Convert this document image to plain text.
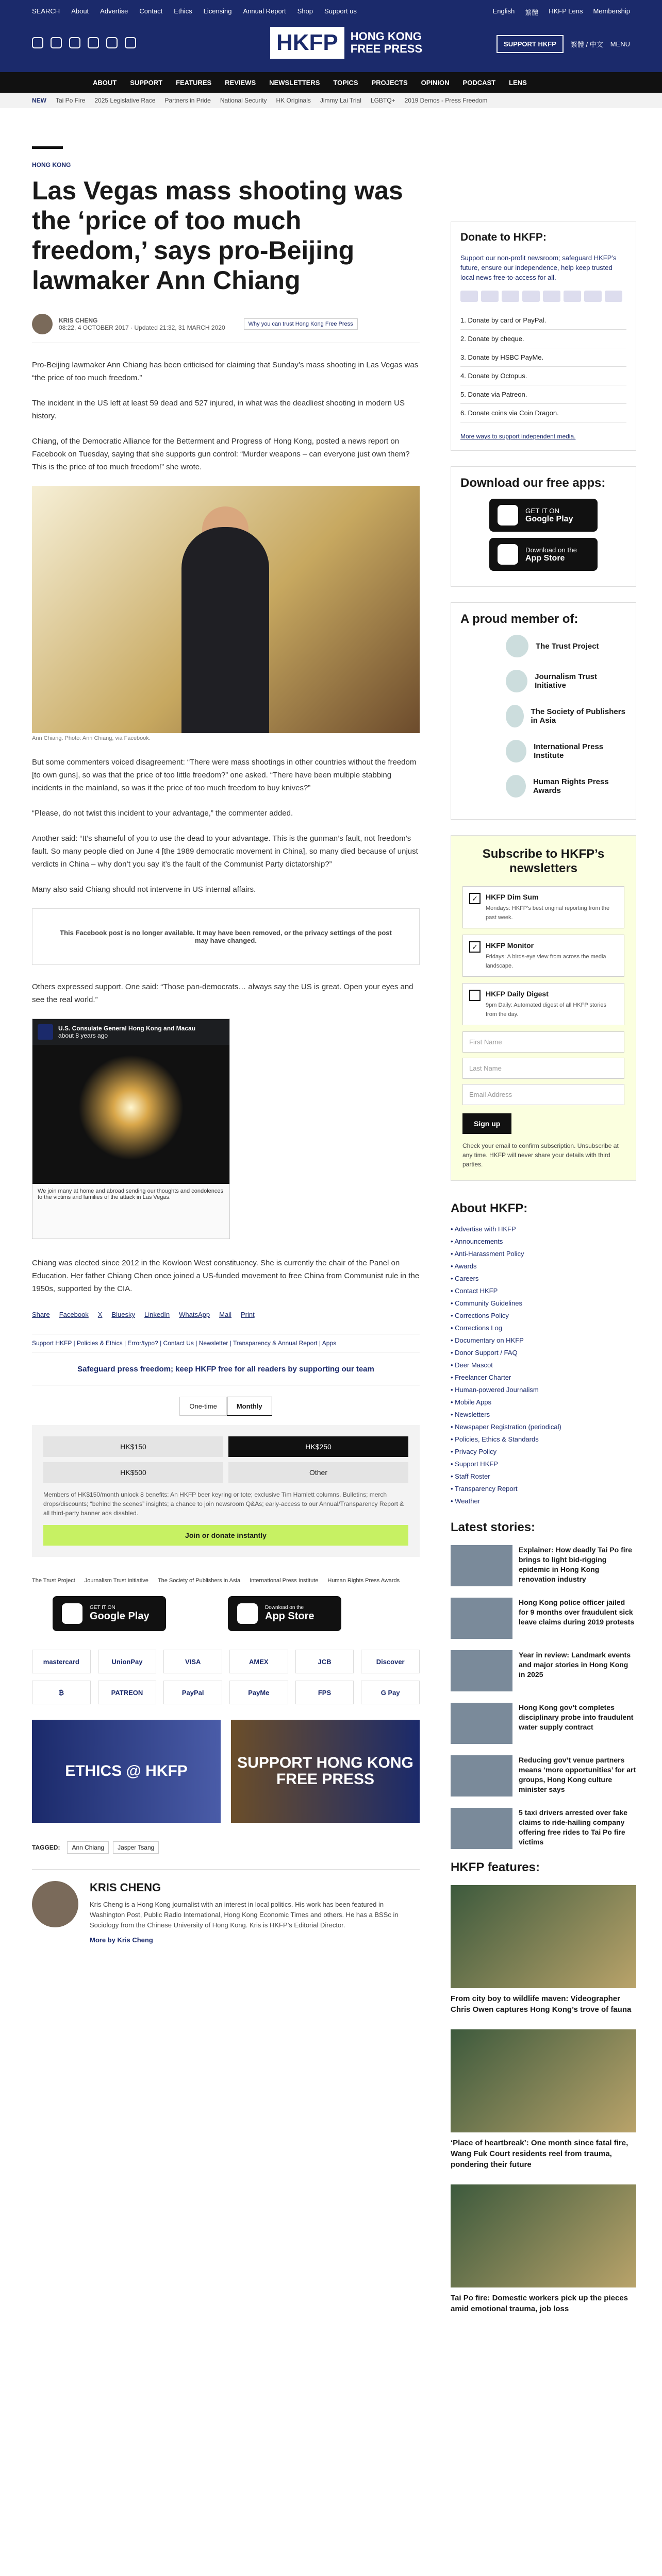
SEARCH About Advertise Contact Ethics Licensing Annual Report Shop Support us	English 繁體 HKFP Lens Membership
HKFP	HONG KONG
FREE PRESS	SUPPORT HKFP	繁體 / 中文 MENU
ABOUT SUPPORT FEATURES REVIEWS NEWSLETTERS TOPICS PROJECTS OPINION PODCAST LENS
NEW Tai Po Fire 2025 Legislative Race Partners in Pride National Security HK Originals Jimmy Lai Trial LGBTQ+ 2019 Demos - Press Freedom
HONG KONG
Las Vegas mass shooting was the ‘price of too much freedom,’ says pro-Beijing lawmaker Ann Chiang
KRIS CHENG
08:22, 4 OCTOBER 2017 · Updated 21:32, 31 MARCH 2020	Why you can trust Hong Kong Free Press

Pro-Beijing lawmaker Ann Chiang has been criticised for claiming that Sunday’s mass shooting in Las Vegas was “the price of too much freedom.”

The incident in the US left at least 59 dead and 527 injured, in what was the deadliest shooting in modern US history.

Chiang, of the Democratic Alliance for the Betterment and Progress of Hong Kong, posted a news report on Facebook on Tuesday, saying that she supports gun control: “Murder weapons – can everyone just own them? This is the price of too much freedom!” she wrote.

Ann Chiang. Photo: Ann Chiang, via Facebook.

But some commenters voiced disagreement: “There were mass shootings in other countries without the freedom [to own guns], so was that the price of too little freedom?” one asked. “There have been multiple stabbing incidents in the mainland, so was it the price of too much freedom to buy knives?”

“Please, do not twist this incident to your advantage,” the commenter added.

Another said: “It’s shameful of you to use the dead to your advantage. This is the gunman’s fault, not freedom’s fault. So many people died on June 4 [the 1989 democratic movement in China], so many died because of unjust verdicts in China – why don’t you say it’s the fault of the Communist Party dictatorship?”

Many also said Chiang should not intervene in US internal affairs.

This Facebook post is no longer available. It may have been removed, or the privacy settings of the post may have changed.

Others expressed support. One said: “Those pan-democrats… always say the US is great. Open your eyes and see the real world.”

U.S. Consulate General Hong Kong and Macau
about 8 years ago
We join many at home and abroad sending our thoughts and condolences to the victims and families of the attack in Las Vegas.

Chiang was elected since 2012 in the Kowloon West constituency. She is currently the chair of the Panel on Education. Her father Chiang Chen once joined a US-funded movement to free China from Communist rule in the 1950s, supported by the CIA.

Share Facebook X Bluesky LinkedIn WhatsApp Mail Print
Support HKFP | Policies & Ethics | Error/typo? | Contact Us | Newsletter | Transparency & Annual Report | Apps
Safeguard press freedom; keep HKFP free for all readers by supporting our team
One-time	Monthly
HK$150	HK$250
HK$500	Other
Members of HK$150/month unlock 8 benefits: An HKFP beer keyring or tote; exclusive Tim Hamlett columns, Bulletins; merch drops/discounts; “behind the scenes” insights; a chance to join newsroom Q&As; early-access to our Annual/Transparency Report & all third-party banner ads disabled.
Join or donate instantly
The Trust Project Journalism Trust Initiative The Society of Publishers in Asia International Press Institute Human Rights Press Awards
GET IT ON
Google Play
Download on the
App Store
mastercard	UnionPay	VISA	AMEX	JCB	Discover
₿	PATREON	PayPal	PayMe	FPS	G Pay
ETHICS @ HKFP	SUPPORT HONG KONG FREE PRESS
TAGGED:	Ann Chiang	Jasper Tsang
KRIS CHENG

Kris Cheng is a Hong Kong journalist with an interest in local politics. His work has been featured in Washington Post, Public Radio International, Hong Kong Economic Times and others. He has a BSSc in Sociology from the Chinese University of Hong Kong. Kris is HKFP’s Editorial Director.

More by Kris Cheng
Donate to HKFP:

Support our non-profit newsroom; safeguard HKFP’s future, ensure our independence, help keep trusted local news free-to-access for all.

1. Donate by card or PayPal.
2. Donate by cheque.
3. Donate by HSBC PayMe.
4. Donate by Octopus.
5. Donate via Patreon.
6. Donate coins via Coin Dragon.

More ways to support independent media.
Download our free apps:
GET IT ON
Google Play
Download on the
App Store
A proud member of:
The Trust Project
Journalism Trust Initiative
The Society of Publishers in Asia
International Press Institute
Human Rights Press Awards
Subscribe to HKFP’s newsletters
✓	HKFP Dim Sum
Mondays: HKFP’s best original reporting from the past week.
✓	HKFP Monitor
Fridays: A birds-eye view from across the media landscape.
HKFP Daily Digest
9pm Daily: Automated digest of all HKFP stories from the day.
First Name
Last Name
Email Address
Sign up
Check your email to confirm subscription. Unsubscribe at any time. HKFP will never share your details with third parties.
About HKFP:
• Advertise with HKFP
• Announcements
• Anti-Harassment Policy
• Awards
• Careers
• Contact HKFP
• Community Guidelines
• Corrections Policy
• Corrections Log
• Documentary on HKFP
• Donor Support / FAQ
• Deer Mascot
• Freelancer Charter
• Human-powered Journalism
• Mobile Apps
• Newsletters
• Newspaper Registration (periodical)
• Policies, Ethics & Standards
• Privacy Policy
• Support HKFP
• Staff Roster
• Transparency Report
• Weather
Latest stories:
Explainer: How deadly Tai Po fire brings to light bid-rigging epidemic in Hong Kong renovation industry
Hong Kong police officer jailed for 9 months over fraudulent sick leave claims during 2019 protests
Year in review: Landmark events and major stories in Hong Kong in 2025
Hong Kong gov’t completes disciplinary probe into fraudulent water supply contract
Reducing gov’t venue partners means ‘more opportunities’ for art groups, Hong Kong culture minister says
5 taxi drivers arrested over fake claims to ride-hailing company offering free rides to Tai Po fire victims
HKFP features:
From city boy to wildlife maven: Videographer Chris Owen captures Hong Kong’s trove of fauna
‘Place of heartbreak’: One month since fatal fire, Wang Fuk Court residents reel from trauma, pondering their future
Tai Po fire: Domestic workers pick up the pieces amid emotional trauma, job loss
